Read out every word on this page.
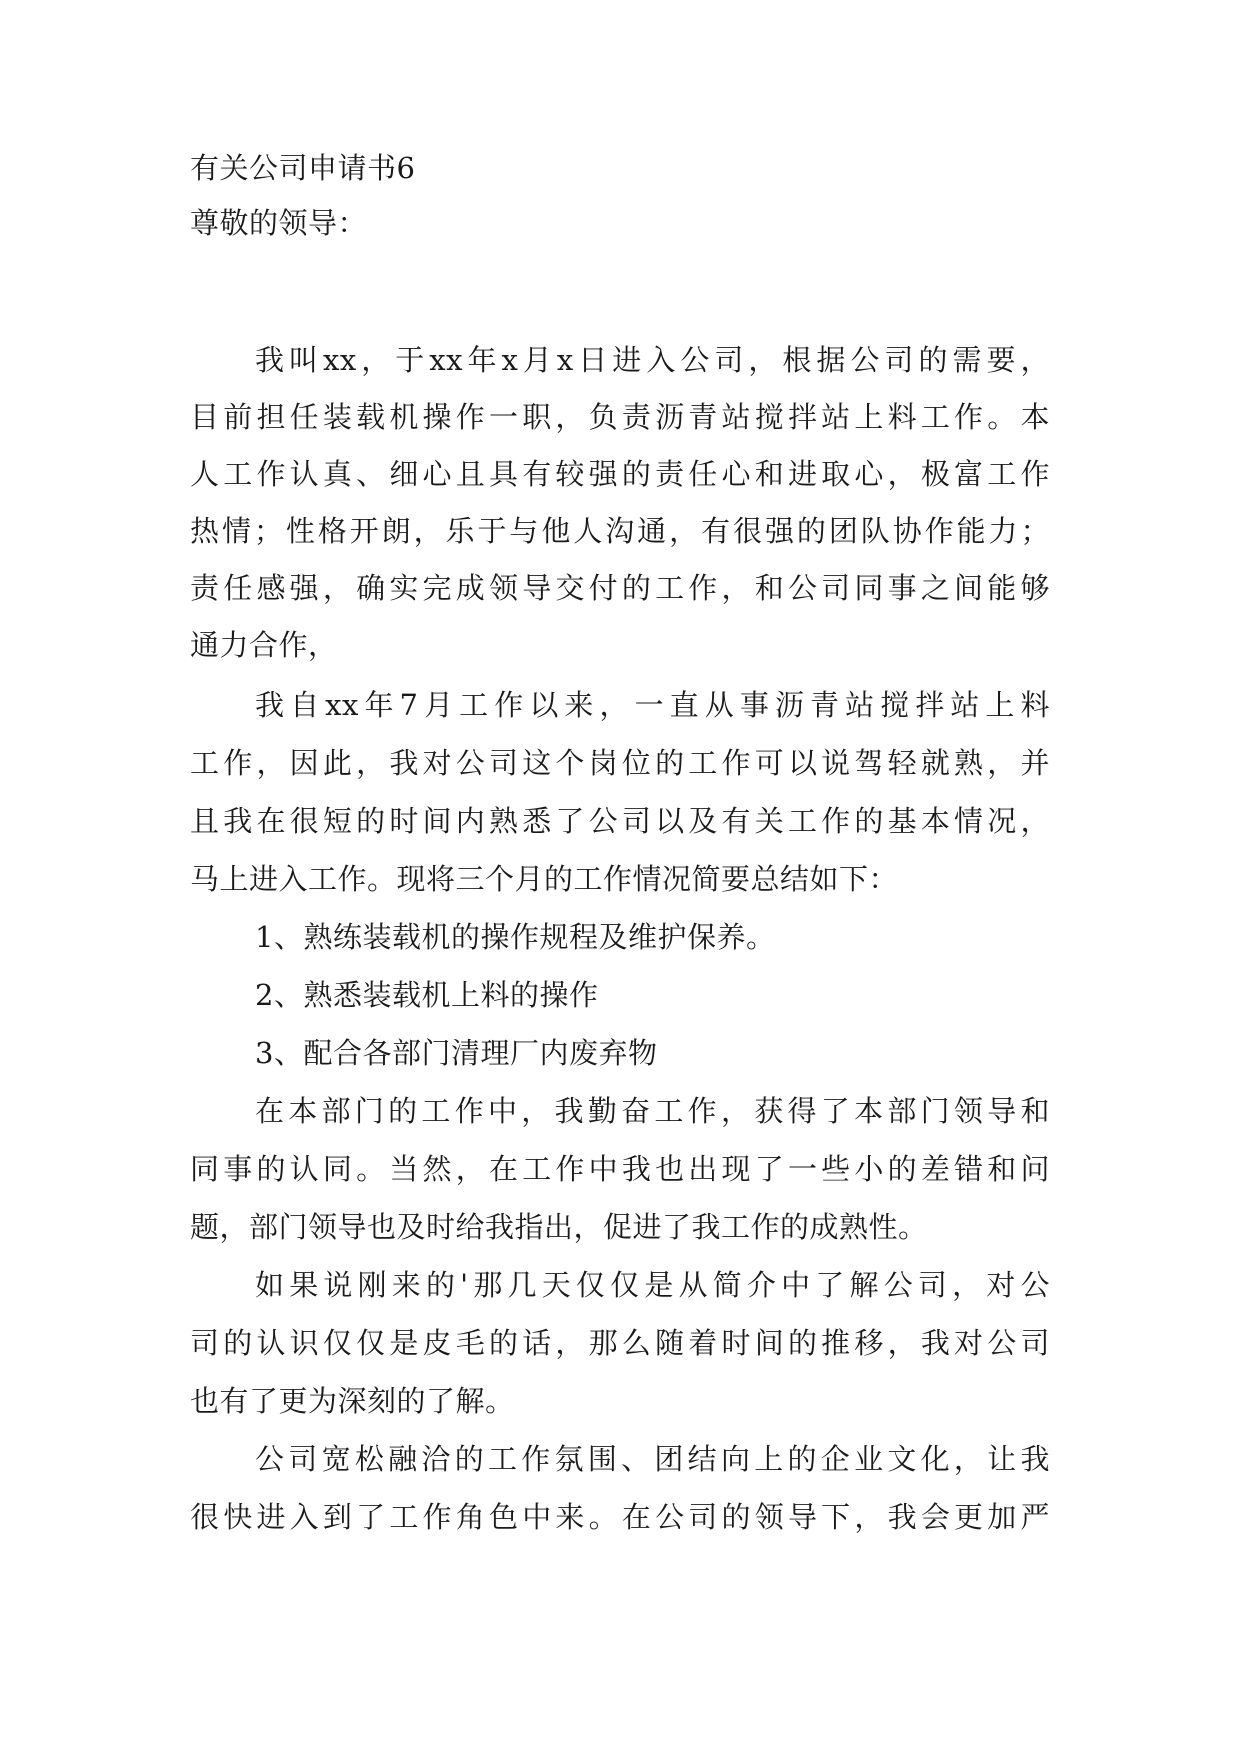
有关公司申请书6
尊敬的领导：
我叫xx，于xx年x月x日进入公司，根据公司的需要，
目前担任装载机操作一职，负责沥青站搅拌站上料工作。本
人工作认真、细心且具有较强的责任心和进取心，极富工作
热情；性格开朗，乐于与他人沟通，有很强的团队协作能力；
责任感强，确实完成领导交付的工作，和公司同事之间能够
通力合作，
我自xx年7月工作以来，一直从事沥青站搅拌站上料
工作，因此，我对公司这个岗位的工作可以说驾轻就熟，并
且我在很短的时间内熟悉了公司以及有关工作的基本情况，
马上进入工作。现将三个月的工作情况简要总结如下：
1、熟练装载机的操作规程及维护保养。
2、熟悉装载机上料的操作
3、配合各部门清理厂内废弃物
在本部门的工作中，我勤奋工作，获得了本部门领导和
同事的认同。当然，在工作中我也出现了一些小的差错和问
题，部门领导也及时给我指出，促进了我工作的成熟性。
如果说刚来的'那几天仅仅是从简介中了解公司，对公
司的认识仅仅是皮毛的话，那么随着时间的推移，我对公司
也有了更为深刻的了解。
公司宽松融洽的工作氛围、团结向上的企业文化，让我
很快进入到了工作角色中来。在公司的领导下，我会更加严
